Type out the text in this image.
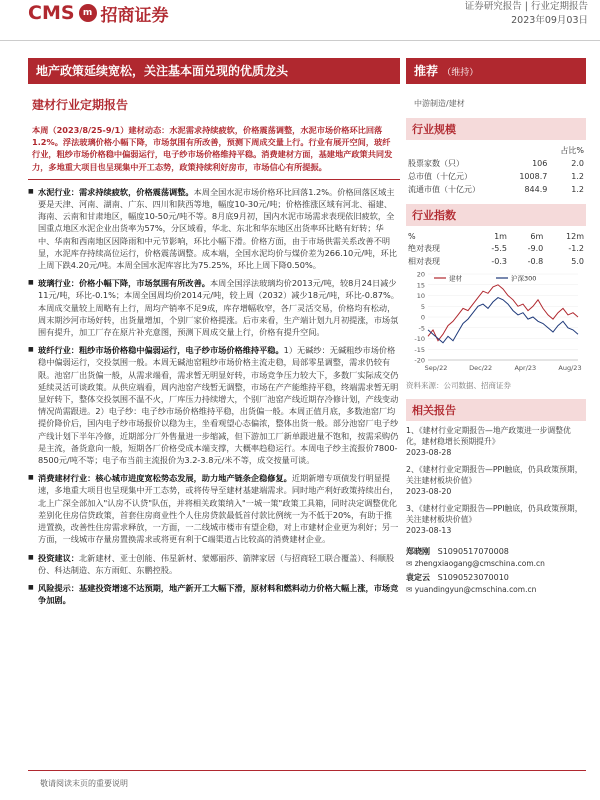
CMS m 招商证券	证券研究报告 | 行业定期报告
2023年09月03日
地产政策延续宽松，关注基本面兑现的优质龙头	推荐 （维持）
建材行业定期报告	中游制造/建材
本周（2023/8/25-9/1）建材动态：水泥需求持续疲软，价格震荡调整，水泥市场价格环比回落1.2%。浮法玻璃价格小幅下降，市场氛围有所改善，预测下周成交量上行。行业有展开空间，玻纤行业，粗纱市场价格稳中偏弱运行，电子纱市场价格维持平稳。消费建材方面，基建地产政策共同发力，多地重大项目也呈现集中开工态势，政策持续利好房市，市场信心有所提振。
■ 水泥行业：需求持续疲软，价格震荡调整。本周全国水泥市场价格环比回落1.2%。价格回落区域主要是天津、河南、湖南、广东、四川和陕西等地，幅度10-30元/吨；价格推涨区域有河北、福建、海南、云南和甘肃地区，幅度10-50元/吨不等。8月底9月初，国内水泥市场需求表现依旧疲软，全国重点地区水泥企业出货率为57%，分区域看，华北、东北和华东地区出货率环比略有好转；华中、华南和西南地区因降雨和中元节影响，环比小幅下滑。价格方面，由于市场供需关系改善不明显，水泥库存持续高位运行，价格震荡调整。成本端，全国水泥均价与煤价差为266.10元/吨，环比上周下跌4.20元/吨。本周全国水泥库容比为75.25%，环比上周下降0.50%。
■ 玻璃行业：价格小幅下降，市场氛围有所改善。本周全国浮法玻璃均价2013元/吨，较8月24日减少11元/吨，环比-0.1%；本周全国周均价2014元/吨，较上周（2032）减少18元/吨，环比-0.87%。本周成交量较上周略有上行，周均产销率不足9成，库存增幅收窄，各厂灵活交易，价格均有松动，周末期沙河市场好转，出货量增加，个别厂家价格提涨。后市来看，生产端计划九月初提涨，市场氛围有提升，加工厂存在原片补充意图，预测下周成交量上行，价格有提升空间。
■ 玻纤行业：粗纱市场价格稳中偏弱运行，电子纱市场价格维持平稳。1）无碱纱：无碱粗纱市场价格稳中偏弱运行，交投氛围一般。本周无碱池窑粗纱市场价格主流走稳，局部零星调整，需求仍较有限。池窑厂出货偏一般，从需求端看，需求暂无明显好转，市场竞争压力较大下，多数厂实际成交仍延续灵活可谈政策。从供应端看，周内池窑产线暂无调整，市场在产产能维持平稳，终端需求暂无明显好转下，整体交投氛围不温不火，厂库压力持续增大，个别厂池窑产线近期存冷修计划，产线变动情况尚需跟进。2）电子纱：电子纱市场价格维持平稳，出货偏一般。本周正值月底，多数池窑厂均提价降价后，国内电子纱市场报价以稳为主，坐看观望心态偏浓，整体出货一般。部分池窑厂电子纱产线计划下半年冷修，近期部分厂外售量进一步缩减，但下游加工厂新单跟进量不饱和，按需采购仍是主流，备货意向一般，短期各厂价格受成本端支撑，大概率趋稳运行。本周电子纱主流报价7800-8500元/吨不等；电子布当前主流报价为3.2-3.8元/米不等，成交按量可谈。
■ 消费建材行业：核心城市进度宽松势态发展，助力地产链条企稳修复。近期新增专项债发行明显提速，多地重大项目也呈现集中开工态势，或将传导至建材基建端需求。同时地产利好政策持续出台，北上广深全部加入"认房不认贷"队伍，并将相关政策纳入"一城一策"政策工具箱，同时决定调整优化差别化住房信贷政策，首套住房商业性个人住房贷款最低首付款比例统一为不低于20%，有助于推进置换，改善性住房需求释放，一方面，一二线城市楼市有望企稳，对上市建材企业更为利好；另一方面，一线城市存量房置换需求或将更有利于C端渠道占比较高的消费建材企业。
■ 投资建议：北新建材、亚士创能、伟星新材、蒙娜丽莎、箭牌家居（与招商轻工联合覆盖）、科顺股份、科达制造、东方雨虹、东鹏控股。
■ 风险提示：基建投资增速不达预期，地产新开工大幅下滑，原材料和燃料动力价格大幅上涨，市场竞争加剧。
行业规模
		占比%
股票家数（只）	106	2.0
总市值（十亿元）	1008.7	1.2
流通市值（十亿元）	844.9	1.2
行业指数
%	1m	6m	12m
绝对表现	-5.5	-9.0	-1.2
相对表现	-0.3	-0.8	5.0
20
15
10
5
0
-5
-10
-15
-20
Sep/22	Dec/22	Apr/23	Aug/23
建材	沪深300
资料来源：公司数据、招商证券
相关报告
1、《建材行业定期报告—地产政策进一步调整优化，建材稳增长预期提升》
2023-08-28
2、《建材行业定期报告—PPI触底，仍具政策预期，关注建材板块价值》
2023-08-20
3、《建材行业定期报告—PPI触底，仍具政策预期，关注建材板块价值》
2023-08-13
郑晓刚 S1090517070008
✉ zhengxiaogang@cmschina.com.cn
袁定云 S1090523070010
✉ yuandingyun@cmschina.com.cn
敬请阅读末页的重要说明
